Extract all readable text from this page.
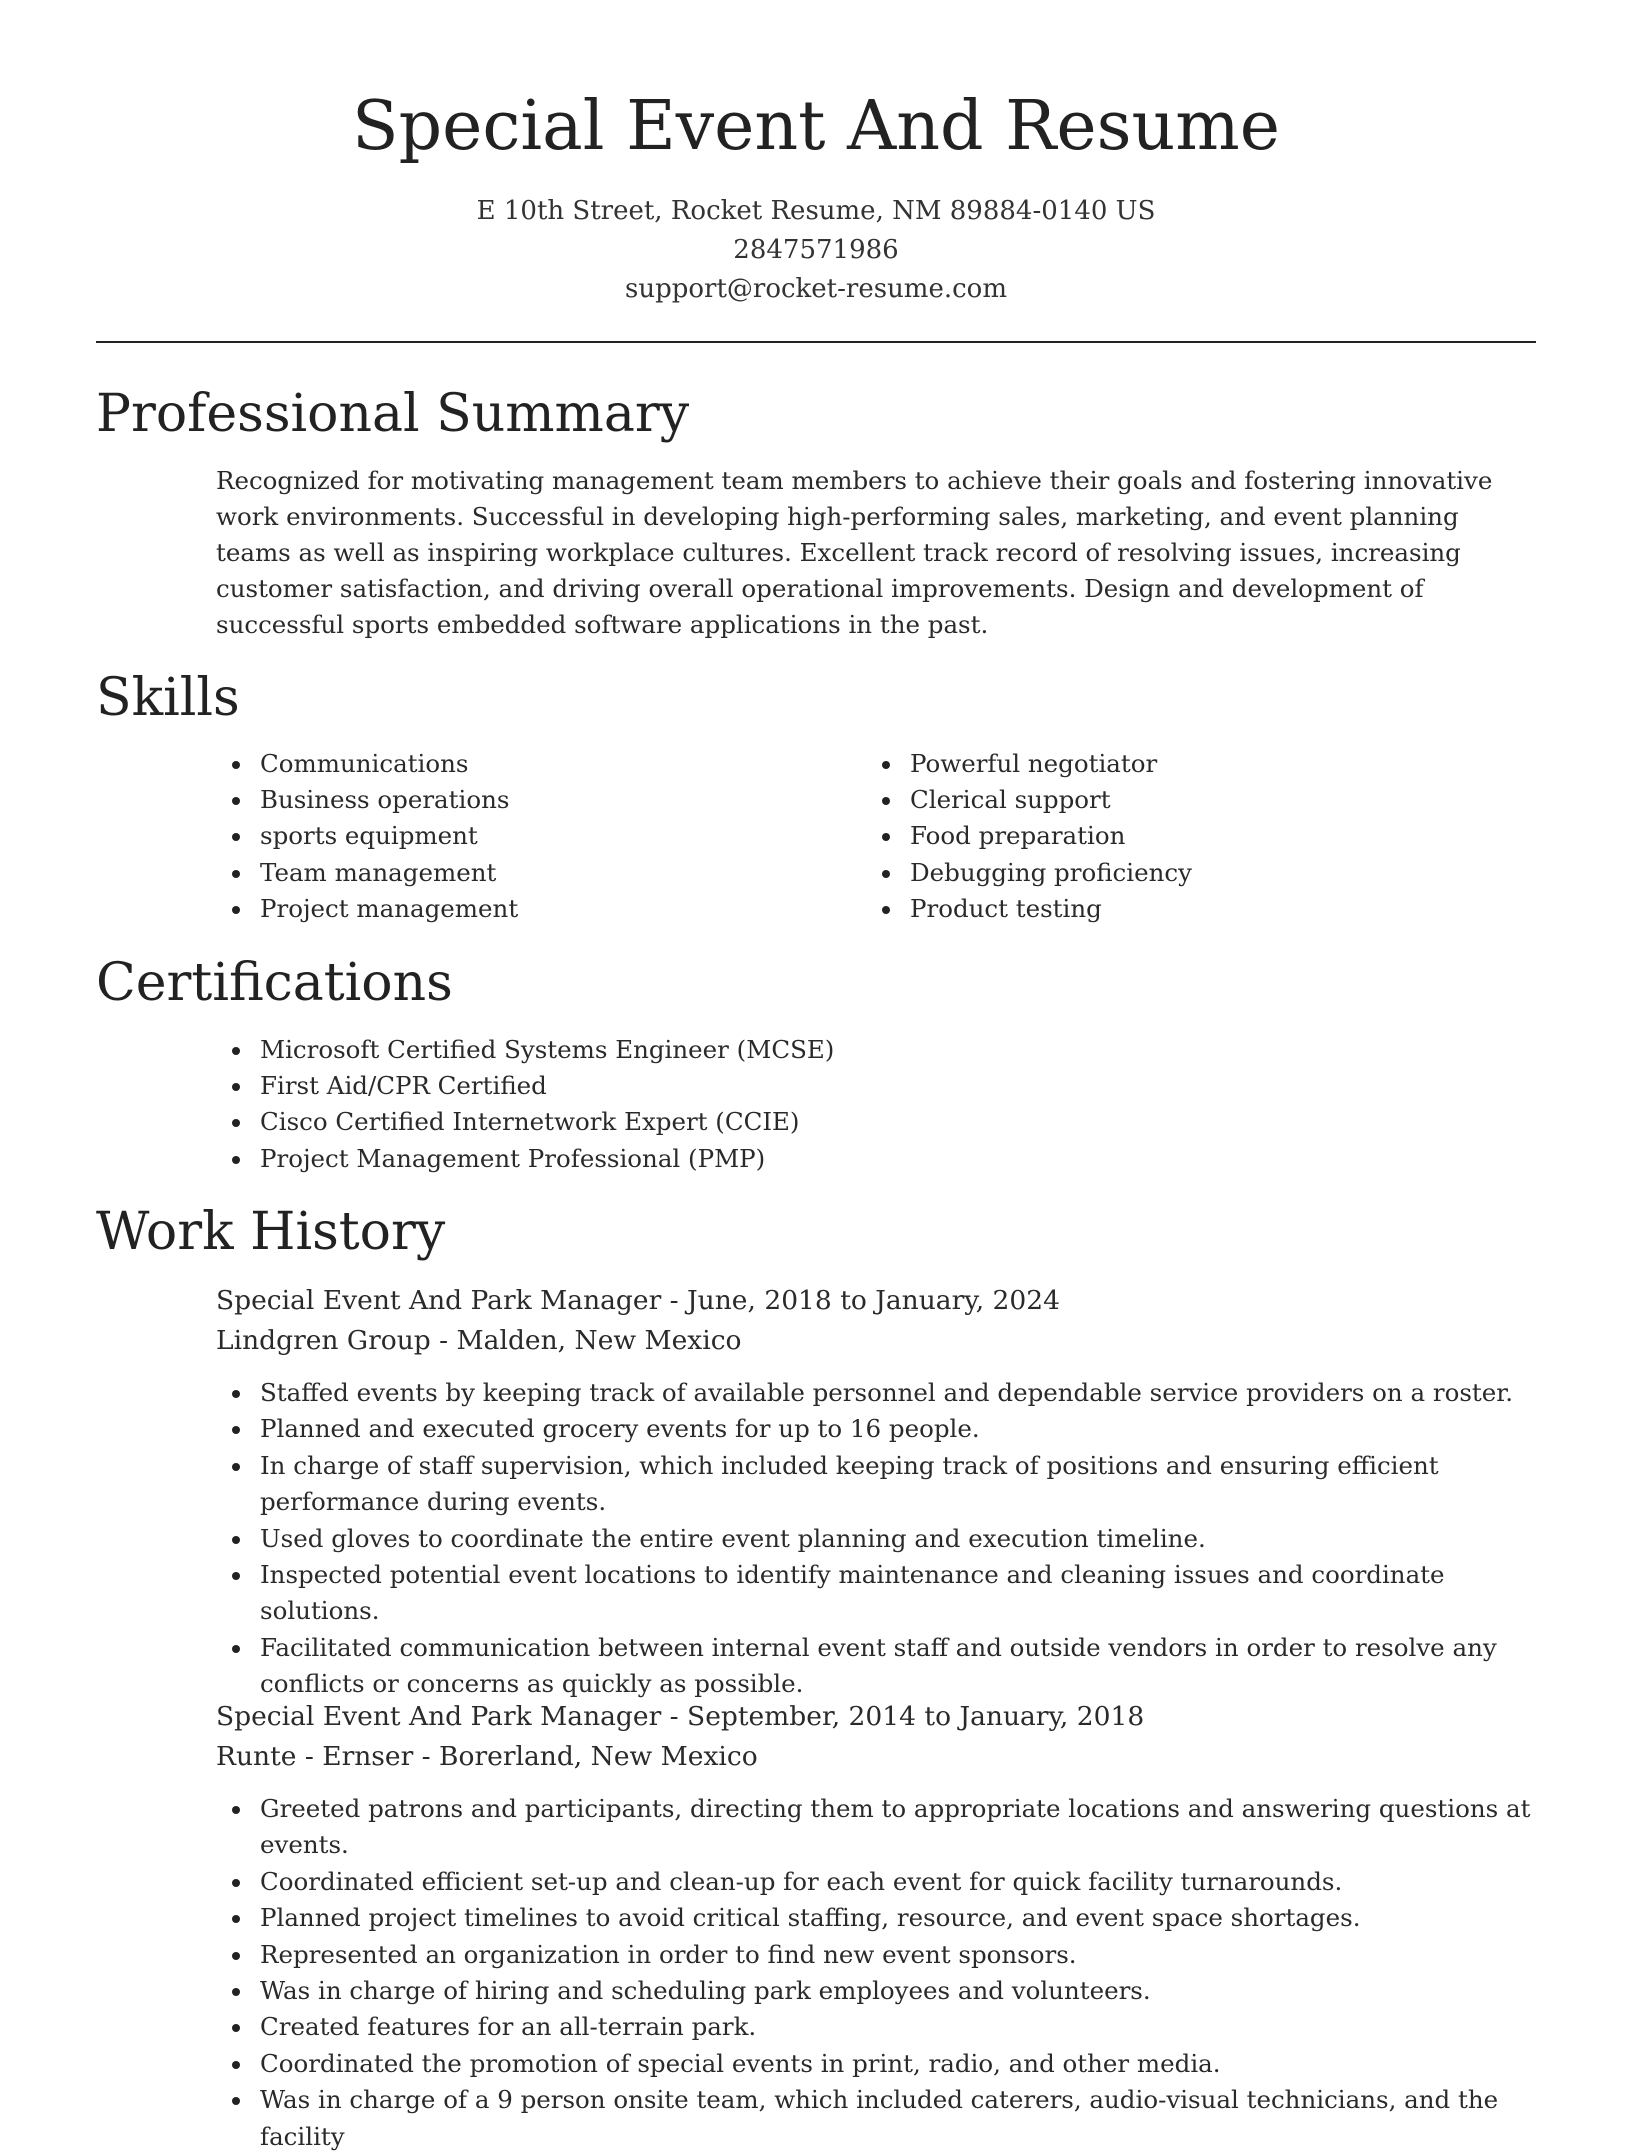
Special Event And Resume
E 10th Street, Rocket Resume, NM 89884-0140 US
2847571986
support@rocket-resume.com
Professional Summary

Recognized for motivating management team members to achieve their goals and fostering innovative work environments. Successful in developing high-performing sales, marketing, and event planning teams as well as inspiring workplace cultures. Excellent track record of resolving issues, increasing customer satisfaction, and driving overall operational improvements. Design and development of successful sports embedded software applications in the past.

Skills
Communications
Business operations
sports equipment
Team management
Project management
Powerful negotiator
Clerical support
Food preparation
Debugging proficiency
Product testing
Certifications
Microsoft Certified Systems Engineer (MCSE)
First Aid/CPR Certified
Cisco Certified Internetwork Expert (CCIE)
Project Management Professional (PMP)
Work History
Special Event And Park Manager - June, 2018 to January, 2024
Lindgren Group - Malden, New Mexico
Staffed events by keeping track of available personnel and dependable service providers on a roster.
Planned and executed grocery events for up to 16 people.
In charge of staff supervision, which included keeping track of positions and ensuring efficient performance during events.
Used gloves to coordinate the entire event planning and execution timeline.
Inspected potential event locations to identify maintenance and cleaning issues and coordinate solutions.
Facilitated communication between internal event staff and outside vendors in order to resolve any conflicts or concerns as quickly as possible.
Special Event And Park Manager - September, 2014 to January, 2018
Runte - Ernser - Borerland, New Mexico
Greeted patrons and participants, directing them to appropriate locations and answering questions at events.
Coordinated efficient set-up and clean-up for each event for quick facility turnarounds.
Planned project timelines to avoid critical staffing, resource, and event space shortages.
Represented an organization in order to find new event sponsors.
Was in charge of hiring and scheduling park employees and volunteers.
Created features for an all-terrain park.
Coordinated the promotion of special events in print, radio, and other media.
Was in charge of a 9 person onsite team, which included caterers, audio-visual technicians, and the facility
